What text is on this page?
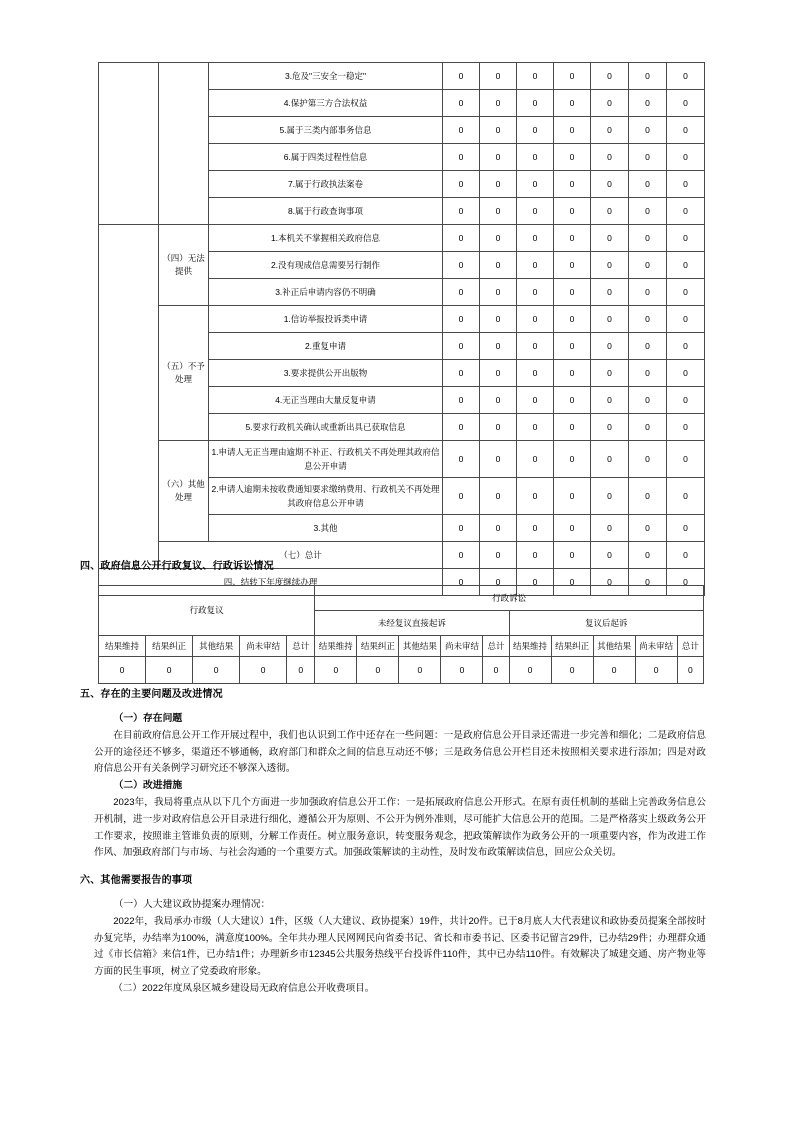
		3.危及"三安全一稳定"	0	0	0	0	0	0	0
		4.保护第三方合法权益	0	0	0	0	0	0	0
		5.属于三类内部事务信息	0	0	0	0	0	0	0
		6.属于四类过程性信息	0	0	0	0	0	0	0
		7.属于行政执法案卷	0	0	0	0	0	0	0
		8.属于行政查询事项	0	0	0	0	0	0	0
	（四）无法提供	1.本机关不掌握相关政府信息	0	0	0	0	0	0	0
		2.没有现成信息需要另行制作	0	0	0	0	0	0	0
		3.补正后申请内容仍不明确	0	0	0	0	0	0	0
	（五）不予处理	1.信访举报投诉类申请	0	0	0	0	0	0	0
		2.重复申请	0	0	0	0	0	0	0
		3.要求提供公开出版物	0	0	0	0	0	0	0
		4.无正当理由大量反复申请	0	0	0	0	0	0	0
		5.要求行政机关确认或重新出具已获取信息	0	0	0	0	0	0	0
	（六）其他处理	1.申请人无正当理由逾期不补正、行政机关不再处理其政府信息公开申请	0	0	0	0	0	0	0
		2.申请人逾期未按收费通知要求缴纳费用、行政机关不再处理其政府信息公开申请	0	0	0	0	0	0	0
		3.其他	0	0	0	0	0	0	0
	（七）总计		0	0	0	0	0	0	0
四、结转下年度继续办理			0	0	0	0	0	0	0
四、政府信息公开行政复议、行政诉讼情况
行政复议					行政诉讼									
					未经复议直接起诉					复议后起诉				
结果维持	结果纠正	其他结果	尚未审结	总计	结果维持	结果纠正	其他结果	尚未审结	总计	结果维持	结果纠正	其他结果	尚未审结	总计
0	0	0	0	0	0	0	0	0	0	0	0	0	0	0
五、存在的主要问题及改进情况
（一）存在问题

在目前政府信息公开工作开展过程中，我们也认识到工作中还存在一些问题：一是政府信息公开目录还需进一步完善和细化；二是政府信息公开的途径还不够多，渠道还不够通畅，政府部门和群众之间的信息互动还不够；三是政务信息公开栏目还未按照相关要求进行添加；四是对政府信息公开有关条例学习研究还不够深入透彻。

（二）改进措施

2023年，我局将重点从以下几个方面进一步加强政府信息公开工作：一是拓展政府信息公开形式。在原有责任机制的基础上完善政务信息公开机制，进一步对政府信息公开目录进行细化，遵循公开为原则、不公开为例外准则，尽可能扩大信息公开的范围。二是严格落实上级政务公开工作要求，按照谁主管谁负责的原则，分解工作责任。树立服务意识，转变服务观念，把政策解读作为政务公开的一项重要内容，作为改进工作作风、加强政府部门与市场、与社会沟通的一个重要方式。加强政策解读的主动性，及时发布政策解读信息，回应公众关切。

六、其他需要报告的事项
（一）人大建议政协提案办理情况：

2022年，我局承办市级（人大建议）1件，区级（人大建议、政协提案）19件，共计20件。已于8月底人大代表建议和政协委员提案全部按时办复完毕，办结率为100%，满意度100%。全年共办理人民网网民向省委书记、省长和市委书记、区委书记留言29件，已办结29件；办理群众通过《市长信箱》来信1件，已办结1件；办理新乡市12345公共服务热线平台投诉件110件，其中已办结110件。有效解决了城建交通、房产物业等方面的民生事项，树立了党委政府形象。

（二）2022年度凤泉区城乡建设局无政府信息公开收费项目。
